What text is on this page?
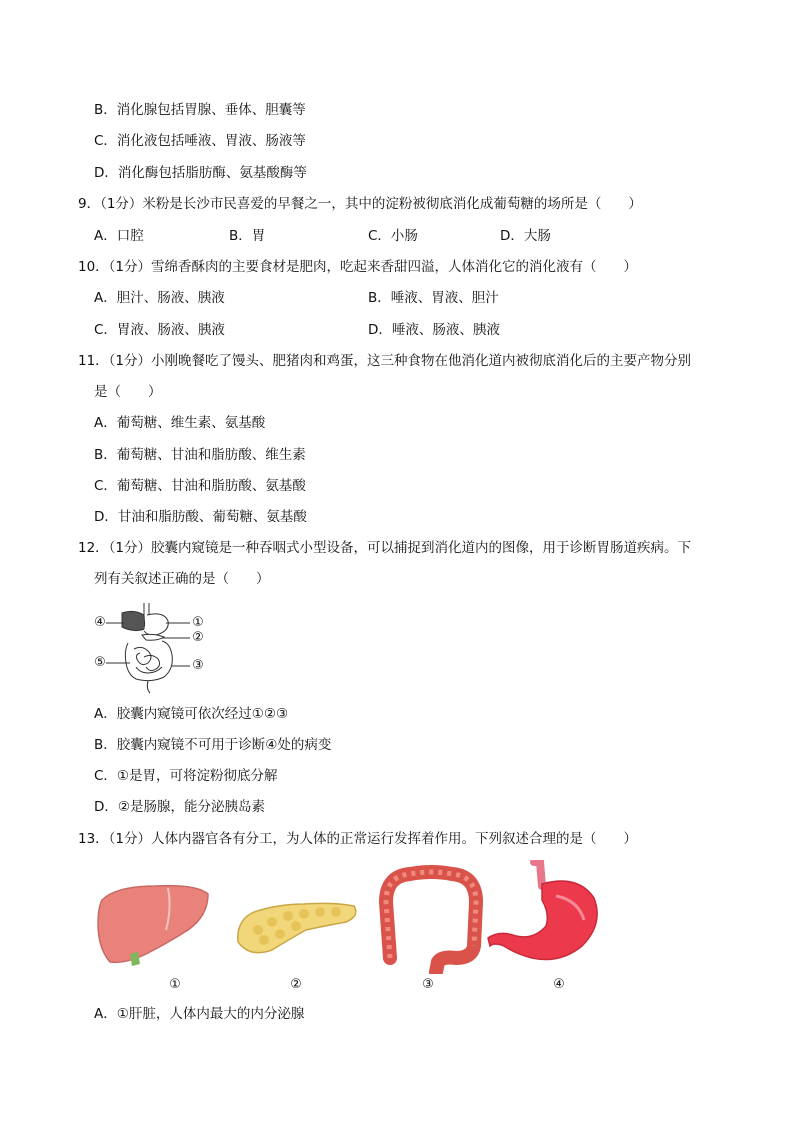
B．消化腺包括胃腺、垂体、胆囊等
C．消化液包括唾液、胃液、肠液等
D．消化酶包括脂肪酶、氨基酸酶等
9．（1分）米粉是长沙市民喜爱的早餐之一，其中的淀粉被彻底消化成葡萄糖的场所是（　　）
A．口腔	B．胃	C．小肠	D．大肠
10．（1分）雪绵香酥肉的主要食材是肥肉，吃起来香甜四溢，人体消化它的消化液有（　　）
A．胆汁、肠液、胰液	B．唾液、胃液、胆汁
C．胃液、肠液、胰液	D．唾液、肠液、胰液
11．（1分）小刚晚餐吃了馒头、肥猪肉和鸡蛋，这三种食物在他消化道内被彻底消化后的主要产物分别
是（　　）
A．葡萄糖、维生素、氨基酸
B．葡萄糖、甘油和脂肪酸、维生素
C．葡萄糖、甘油和脂肪酸、氨基酸
D．甘油和脂肪酸、葡萄糖、氨基酸
12．（1分）胶囊内窥镜是一种吞咽式小型设备，可以捕捉到消化道内的图像，用于诊断胃肠道疾病。下
列有关叙述正确的是（　　）
④	①
②
⑤	③
A．胶囊内窥镜可依次经过①②③
B．胶囊内窥镜不可用于诊断④处的病变
C．①是胃，可将淀粉彻底分解
D．②是肠腺，能分泌胰岛素
13．（1分）人体内器官各有分工，为人体的正常运行发挥着作用。下列叙述合理的是（　　）
①	②	③	④
A．①肝脏，人体内最大的内分泌腺
